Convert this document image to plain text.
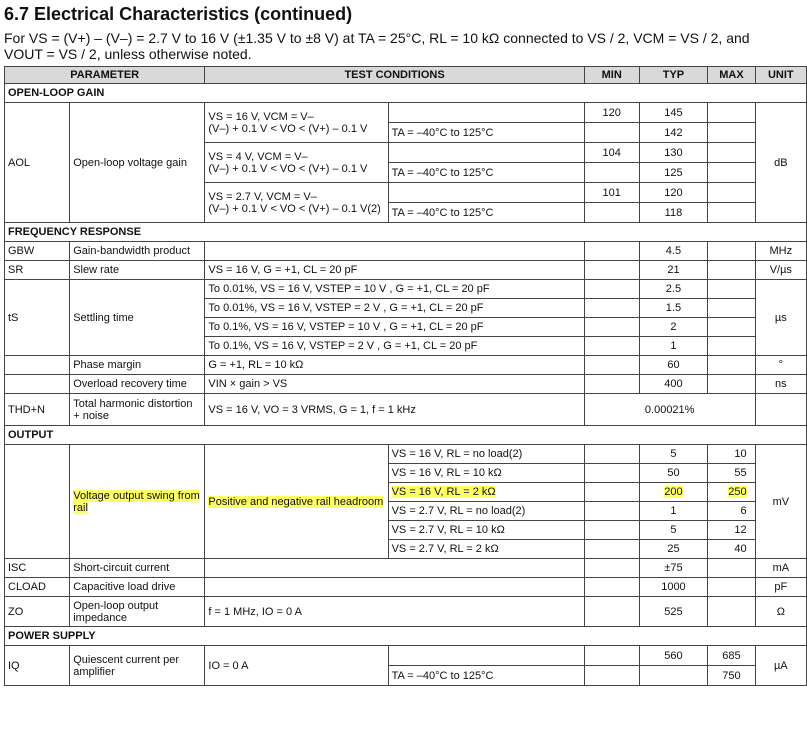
6.7 Electrical Characteristics (continued)
For VS = (V+) – (V–) = 2.7 V to 16 V (±1.35 V to ±8 V) at TA = 25°C, RL = 10 kΩ connected to VS / 2, VCM = VS / 2, and
VOUT = VS / 2, unless otherwise noted.
PARAMETER		TEST CONDITIONS		MIN	TYP	MAX	UNIT
OPEN-LOOP GAIN							
AOL	Open-loop voltage gain	VS = 16 V, VCM = V–
(V–) + 0.1 V < VO < (V+) – 0.1 V		120	145		dB
			TA = –40°C to 125°C		142		

		VS = 4 V, VCM = V–
(V–) + 0.1 V < VO < (V+) – 0.1 V		104	130		
			TA = –40°C to 125°C		125		

		VS = 2.7 V, VCM = V–
(V–) + 0.1 V < VO < (V+) – 0.1 V(2)		101	120		
			TA = –40°C to 125°C		118		
FREQUENCY RESPONSE							
GBW	Gain-bandwidth product				4.5		MHz
SR	Slew rate	VS = 16 V, G = +1, CL = 20 pF			21		V/µs
tS	Settling time	To 0.01%, VS = 16 V, VSTEP = 10 V , G = +1, CL = 20 pF			2.5		µs
		To 0.01%, VS = 16 V, VSTEP = 2 V , G = +1, CL = 20 pF			1.5		
		To 0.1%, VS = 16 V, VSTEP = 10 V , G = +1, CL = 20 pF			2		
		To 0.1%, VS = 16 V, VSTEP = 2 V , G = +1, CL = 20 pF			1		
	Phase margin	G = +1, RL = 10 kΩ			60		°
	Overload recovery time	VIN × gain > VS			400		ns
THD+N	Total harmonic distortion
+ noise	VS = 16 V, VO = 3 VRMS, G = 1, f = 1 kHz		0.00021%			
OUTPUT							
	Voltage output swing from
rail	Positive and negative rail headroom	VS = 16 V, RL = no load(2)		5	10	mV
			VS = 16 V, RL = 10 kΩ		50	55	
			VS = 16 V, RL = 2 kΩ		200	250	
			VS = 2.7 V, RL = no load(2)		1	6	
			VS = 2.7 V, RL = 10 kΩ		5	12	
			VS = 2.7 V, RL = 2 kΩ		25	40	
ISC	Short-circuit current				±75		mA
CLOAD	Capacitive load drive				1000		pF
ZO	Open-loop output
impedance	f = 1 MHz, IO = 0 A			525		Ω
POWER SUPPLY							
IQ	Quiescent current per
amplifier	IO = 0 A			560	685	µA
			TA = –40°C to 125°C			750	
